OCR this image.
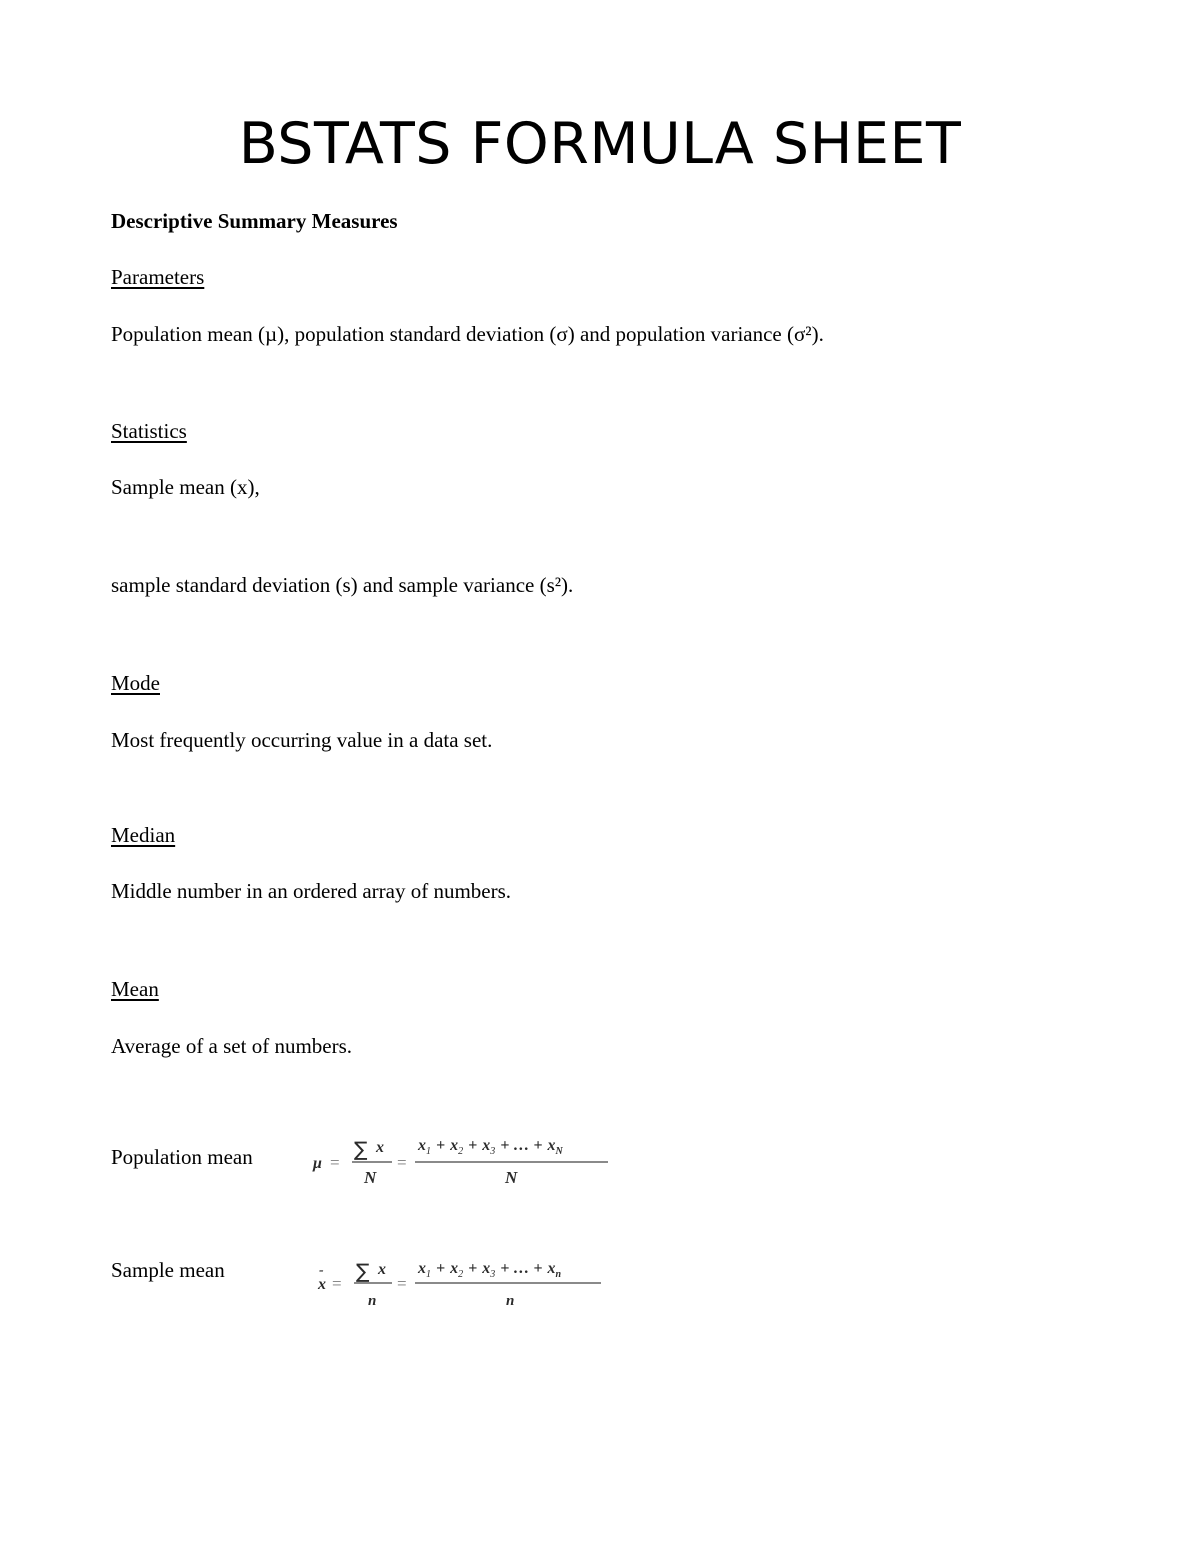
BSTATS FORMULA SHEET

Descriptive Summary Measures

Parameters

Population mean (µ), population standard deviation (σ) and population variance (σ²).

Statistics

Sample mean (x),

sample standard deviation (s) and sample variance (s²).

Mode

Most frequently occurring value in a data set.

Median

Middle number in an ordered array of numbers.

Mean

Average of a set of numbers.

Population mean	μ =
∑ x
N
=
$x_1 + x_2 + x_3$ + … + $x_N$
N

Sample mean	-
x =
∑ x
n
=
$x_1 + x_2 + x_3$ + … + $x_n$
n
